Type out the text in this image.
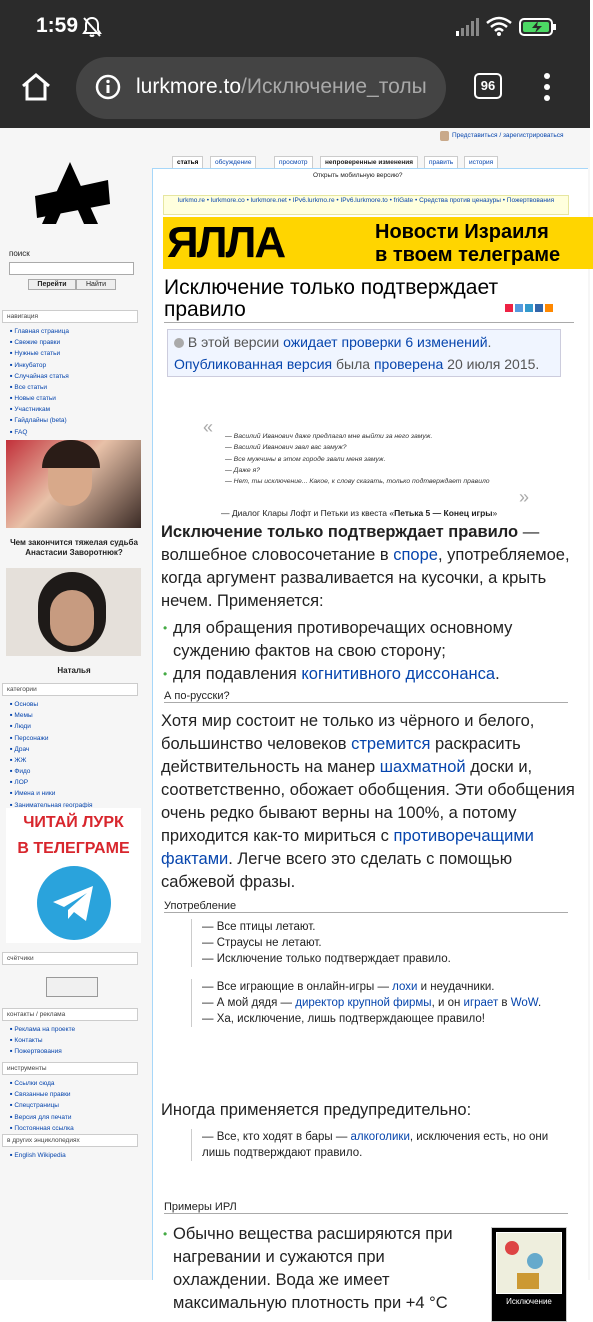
1:59
lurkmore.to/Исключение_толы	96
Представиться / зарегистрироваться
статья	обсуждение	просмотр	непроверенные изменения	править	история
поиск
Перейти	Найти
навигация
■ Главная страница
■ Свежие правки
■ Нужные статьи
■ Инкубатор
■ Случайная статья
■ Все статьи
■ Новые статьи
■ Участникам
■ Гайдлайны (beta)
■ FAQ
■
Чем закончится тяжелая судьба Анастасии Заворотнюк?
Наталья
категории
■ Основы
■ Мемы
■ Люди
■ Персонажи
■ Драч
■ ЖЖ
■ Фидо
■ ЛОР
■ Имена и ники
■ Занимательная географія
ЧИТАЙ ЛУРК
В ТЕЛЕГРАМЕ
счётчики
контакты / реклама
■ Реклама на проекте
■ Контакты
■ Пожертвования
инструменты
■ Ссылки сюда
■ Связанные правки
■ Спецстраницы
■ Версия для печати
■ Постоянная ссылка
в других энциклопедиях
■ English Wikipedia
Открыть мобильную версию?
lurkmo.re • lurkmore.co • lurkmore.net • IPv6.lurkmo.re • IPv6.lurkmore.to • friGate • Средства против ценазуры • Пожертвования
ЯЛЛА	Новости Израиля
в твоем телеграме
Исключение только подтверждает правило
В этой версии ожидает проверки 6 изменений. Опубликованная версия была проверена 20 июля 2015.
« — Василий Иванович даже предлагал мне выйти за него замуж.
— Василий Иванович звал вас замуж?
— Все мужчины в этом городе звали меня замуж.
— Даже я?
— Нет, ты исключение... Какое, к слову сказать, только подтверждает правило
»
— Диалог Клары Лофт и Петьки из квеста «Петька 5 — Конец игры»
Исключение только подтверждает правило — волшебное словосочетание в споре, употребляемое, когда аргумент разваливается на кусочки, а крыть нечем. Применяется:
• для обращения противоречащих основному суждению фактов на свою сторону;
• для подавления когнитивного диссонанса.
А по-русски?
Хотя мир состоит не только из чёрного и белого, большинство человеков стремится раскрасить действительность на манер шахматной доски и, соответственно, обожает обобщения. Эти обобщения очень редко бывают верны на 100%, а потому приходится как-то мириться с противоречащими фактами. Легче всего это сделать с помощью сабжевой фразы.
Употребление
— Все птицы летают.
— Страусы не летают.
— Исключение только подтверждает правило.
— Все играющие в онлайн-игры — лохи и неудачники.
— А мой дядя — директор крупной фирмы, и он играет в WoW.
— Ха, исключение, лишь подтверждающее правило!
Иногда применяется предупредительно:
— Все, кто ходят в бары — алкоголики, исключения есть, но они лишь подтверждают правило.
Примеры ИРЛ
• Обычно вещества расширяются при нагревании и сужаются при охлаждении. Вода же имеет максимальную плотность при +4 °C	Исключение
